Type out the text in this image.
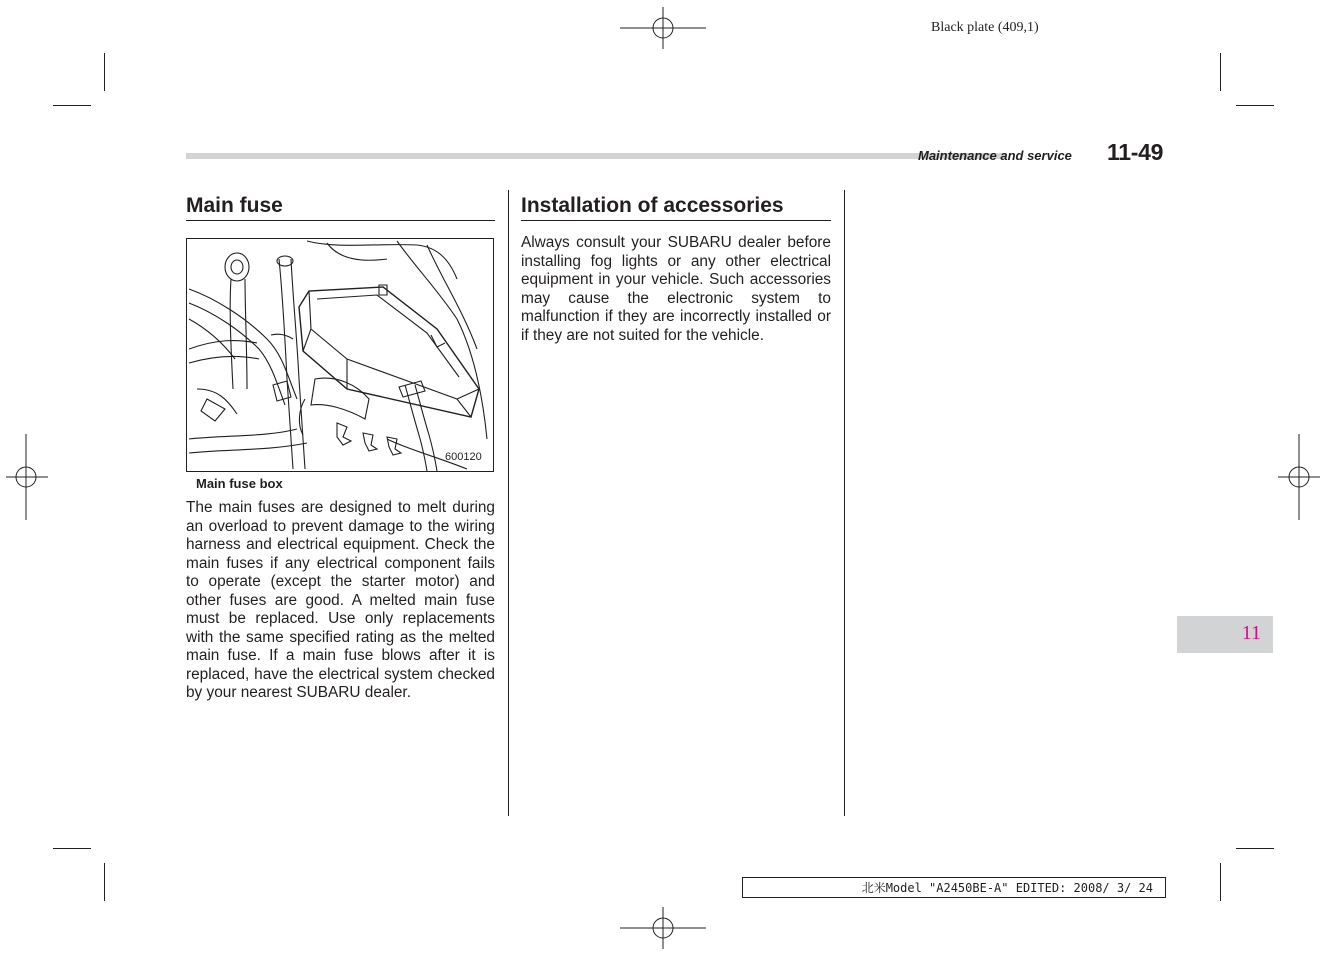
Black plate (409,1)
Maintenance and service 11-49
Main fuse
600120
Main fuse box
The main fuses are designed to melt during an overload to prevent damage to the wiring harness and electrical equipment. Check the main fuses if any electrical component fails to operate (except the starter motor) and other fuses are good. A melted main fuse must be replaced. Use only replacements with the same specified rating as the melted main fuse. If a main fuse blows after it is replaced, have the electrical system checked by your nearest SUBARU dealer.
Installation of accessories
Always consult your SUBARU dealer before installing fog lights or any other electrical equipment in your vehicle. Such accessories may cause the electronic system to malfunction if they are incorrectly installed or if they are not suited for the vehicle.
11
北米Model "A2450BE-A" EDITED: 2008/ 3/ 24
